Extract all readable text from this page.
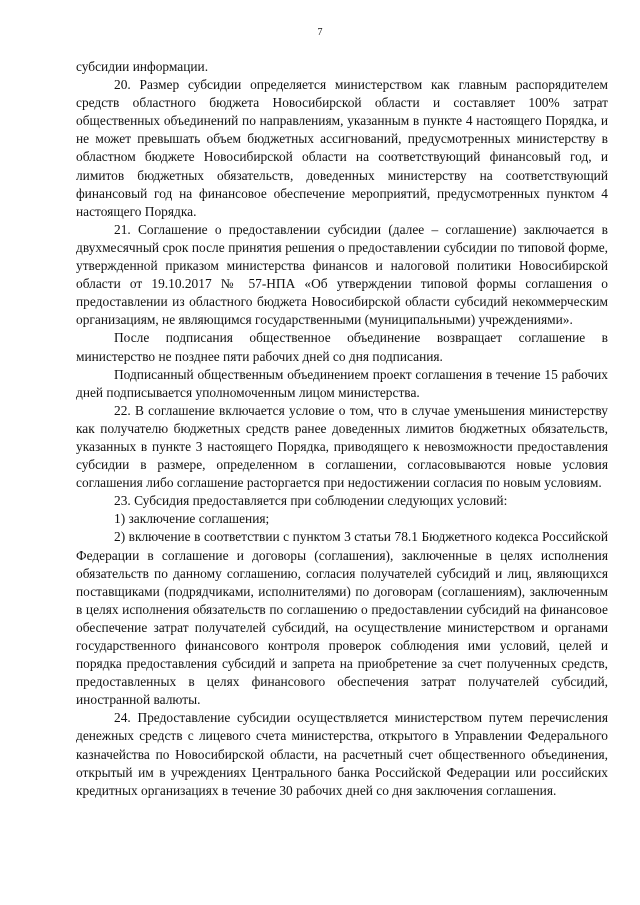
7

субсидии информации.

20. Размер субсидии определяется министерством как главным распорядителем средств областного бюджета Новосибирской области и составляет 100% затрат общественных объединений по направлениям, указанным в пункте 4 настоящего Порядка, и не может превышать объем бюджетных ассигнований, предусмотренных министерству в областном бюджете Новосибирской области на соответствующий финансовый год, и лимитов бюджетных обязательств, доведенных министерству на соответствующий финансовый год на финансовое обеспечение мероприятий, предусмотренных пунктом 4 настоящего Порядка.

21. Соглашение о предоставлении субсидии (далее – соглашение) заключается в двухмесячный срок после принятия решения о предоставлении субсидии по типовой форме, утвержденной приказом министерства финансов и налоговой политики Новосибирской области от 19.10.2017 № 57-НПА «Об утверждении типовой формы соглашения о предоставлении из областного бюджета Новосибирской области субсидий некоммерческим организациям, не являющимся государственными (муниципальными) учреждениями».

После подписания общественное объединение возвращает соглашение в министерство не позднее пяти рабочих дней со дня подписания.

Подписанный общественным объединением проект соглашения в течение 15 рабочих дней подписывается уполномоченным лицом министерства.

22. В соглашение включается условие о том, что в случае уменьшения министерству как получателю бюджетных средств ранее доведенных лимитов бюджетных обязательств, указанных в пункте 3 настоящего Порядка, приводящего к невозможности предоставления субсидии в размере, определенном в соглашении, согласовываются новые условия соглашения либо соглашение расторгается при недостижении согласия по новым условиям.

23. Субсидия предоставляется при соблюдении следующих условий:

1) заключение соглашения;

2) включение в соответствии с пунктом 3 статьи 78.1 Бюджетного кодекса Российской Федерации в соглашение и договоры (соглашения), заключенные в целях исполнения обязательств по данному соглашению, согласия получателей субсидий и лиц, являющихся поставщиками (подрядчиками, исполнителями) по договорам (соглашениям), заключенным в целях исполнения обязательств по соглашению о предоставлении субсидий на финансовое обеспечение затрат получателей субсидий, на осуществление министерством и органами государственного финансового контроля проверок соблюдения ими условий, целей и порядка предоставления субсидий и запрета на приобретение за счет полученных средств, предоставленных в целях финансового обеспечения затрат получателей субсидий, иностранной валюты.

24. Предоставление субсидии осуществляется министерством путем перечисления денежных средств с лицевого счета министерства, открытого в Управлении Федерального казначейства по Новосибирской области, на расчетный счет общественного объединения, открытый им в учреждениях Центрального банка Российской Федерации или российских кредитных организациях в течение 30 рабочих дней со дня заключения соглашения.
